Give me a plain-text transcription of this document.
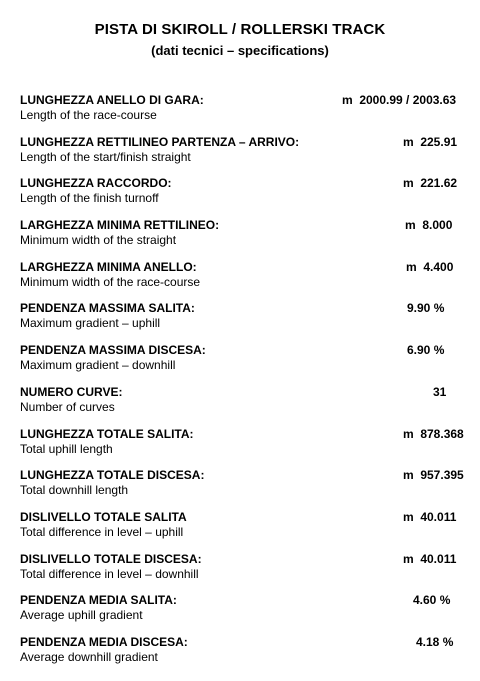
PISTA DI SKIROLL / ROLLERSKI TRACK
(dati tecnici – specifications)
LUNGHEZZA ANELLO DI GARA:
Length of the race-course
m  2000.99 / 2003.63
LUNGHEZZA RETTILINEO PARTENZA – ARRIVO:
Length of the start/finish straight
m  225.91
LUNGHEZZA RACCORDO:
Length of the finish turnoff
m  221.62
LARGHEZZA MINIMA RETTILINEO:
Minimum width of the straight
m  8.000
LARGHEZZA MINIMA ANELLO:
Minimum width of the race-course
m  4.400
PENDENZA MASSIMA SALITA:
Maximum gradient – uphill
9.90 %
PENDENZA MASSIMA DISCESA:
Maximum gradient – downhill
6.90 %
NUMERO CURVE:
Number of curves
31
LUNGHEZZA TOTALE SALITA:
Total uphill length
m  878.368
LUNGHEZZA TOTALE DISCESA:
Total downhill length
m  957.395
DISLIVELLO TOTALE SALITA
Total difference in level – uphill
m  40.011
DISLIVELLO TOTALE DISCESA:
Total difference in level – downhill
m  40.011
PENDENZA MEDIA SALITA:
Average uphill gradient
4.60 %
PENDENZA MEDIA DISCESA:
Average downhill gradient
4.18 %
